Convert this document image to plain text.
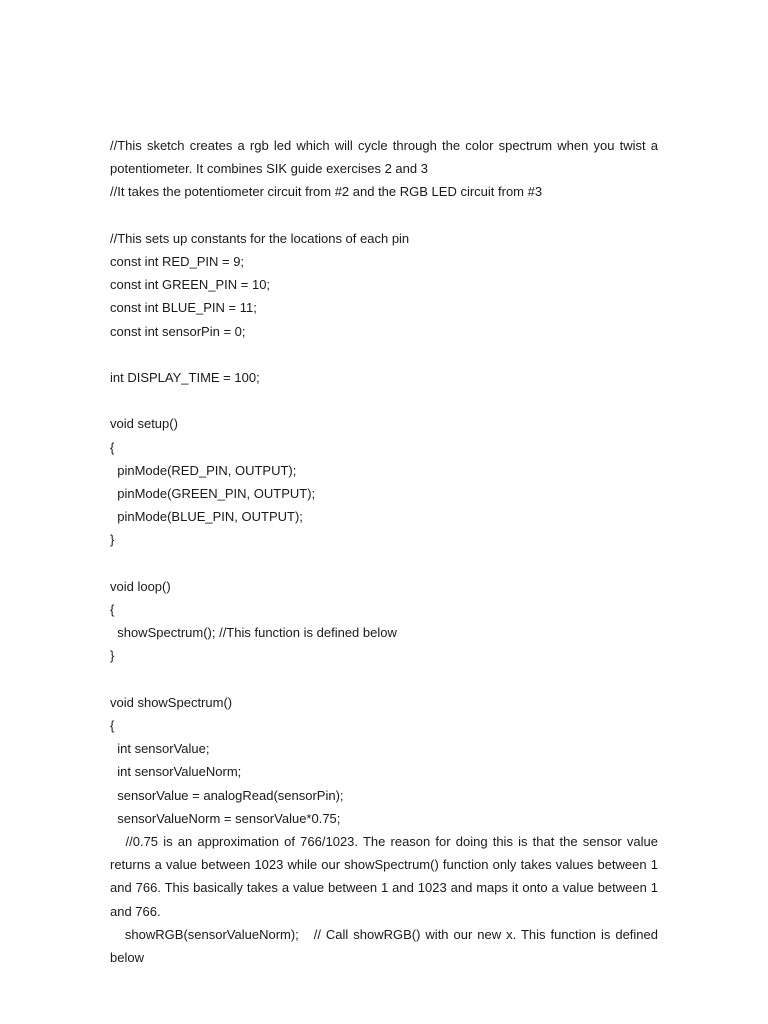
//This sketch creates a rgb led which will cycle through the color spectrum when you twist a potentiometer. It combines SIK guide exercises 2 and 3
//It takes the potentiometer circuit from #2 and the RGB LED circuit from #3
//This sets up constants for the locations of each pin
const int RED_PIN = 9;
const int GREEN_PIN = 10;
const int BLUE_PIN = 11;
const int sensorPin = 0;
int DISPLAY_TIME = 100;
void setup()
{
pinMode(RED_PIN, OUTPUT);
pinMode(GREEN_PIN, OUTPUT);
pinMode(BLUE_PIN, OUTPUT);
}
void loop()
{
showSpectrum(); //This function is defined below
}
void showSpectrum()
{
int sensorValue;
int sensorValueNorm;
sensorValue = analogRead(sensorPin);
sensorValueNorm = sensorValue*0.75;
//0.75 is an approximation of 766/1023. The reason for doing this is that the sensor value returns a value between 1023 while our showSpectrum() function only takes values between 1 and 766. This basically takes a value between 1 and 1023 and maps it onto a value between 1 and 766.
showRGB(sensorValueNorm);   // Call showRGB() with our new x. This function is defined below
